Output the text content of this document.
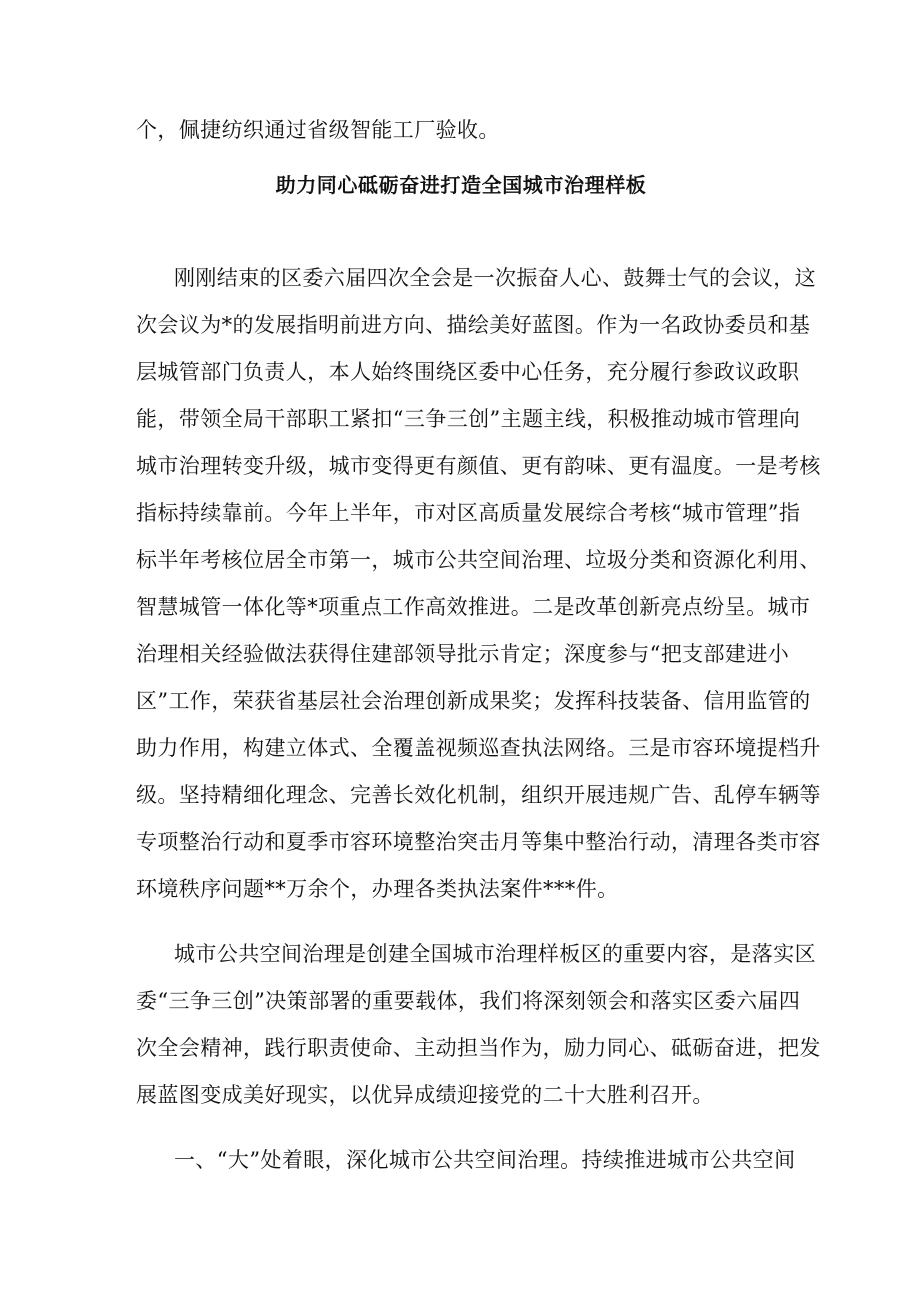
个，佩捷纺织通过省级智能工厂验收。
助力同心砥砺奋进打造全国城市治理样板
刚刚结束的区委六届四次全会是一次振奋人心、鼓舞士气的会议，这
次会议为*的发展指明前进方向、描绘美好蓝图。作为一名政协委员和基
层城管部门负责人，本人始终围绕区委中心任务，充分履行参政议政职
能，带领全局干部职工紧扣“三争三创”主题主线，积极推动城市管理向
城市治理转变升级，城市变得更有颜值、更有韵味、更有温度。一是考核
指标持续靠前。今年上半年，市对区高质量发展综合考核“城市管理”指
标半年考核位居全市第一，城市公共空间治理、垃圾分类和资源化利用、
智慧城管一体化等*项重点工作高效推进。二是改革创新亮点纷呈。城市
治理相关经验做法获得住建部领导批示肯定；深度参与“把支部建进小
区”工作，荣获省基层社会治理创新成果奖；发挥科技装备、信用监管的
助力作用，构建立体式、全覆盖视频巡查执法网络。三是市容环境提档升
级。坚持精细化理念、完善长效化机制，组织开展违规广告、乱停车辆等
专项整治行动和夏季市容环境整治突击月等集中整治行动，清理各类市容
环境秩序问题**万余个，办理各类执法案件***件。
城市公共空间治理是创建全国城市治理样板区的重要内容，是落实区
委“三争三创”决策部署的重要载体，我们将深刻领会和落实区委六届四
次全会精神，践行职责使命、主动担当作为，励力同心、砥砺奋进，把发
展蓝图变成美好现实，以优异成绩迎接党的二十大胜利召开。
一、“大”处着眼，深化城市公共空间治理。持续推进城市公共空间
